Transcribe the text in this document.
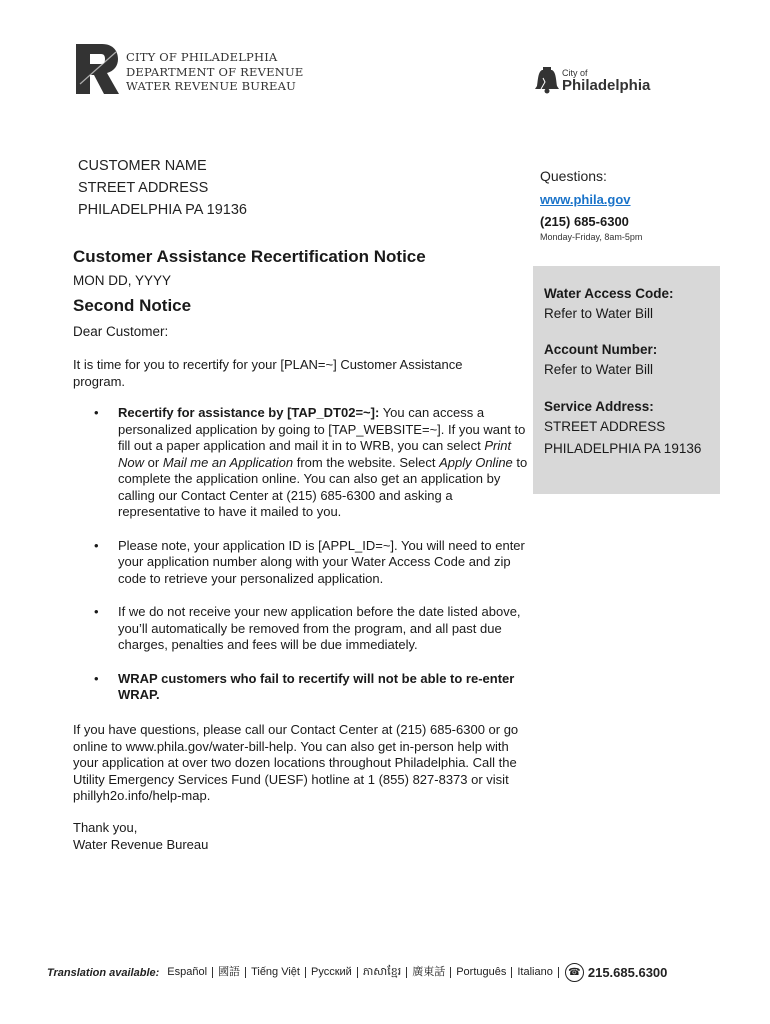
CITY OF PHILADELPHIA
DEPARTMENT OF REVENUE
WATER REVENUE BUREAU
City of
Philadelphia
CUSTOMER NAME
STREET ADDRESS
PHILADELPHIA PA 19136
Questions:
www.phila.gov
(215) 685-6300
Monday-Friday, 8am-5pm
Customer Assistance Recertification Notice
MON DD, YYYY
Second Notice
Dear Customer:
It is time for you to recertify for your [PLAN=~] Customer Assistance program.
Water Access Code:
Refer to Water Bill
Account Number:
Refer to Water Bill
Service Address:
STREET ADDRESS
PHILADELPHIA PA 19136
• Recertify for assistance by [TAP_DT02=~]: You can access a personalized application by going to [TAP_WEBSITE=~]. If you want to fill out a paper application and mail it in to WRB, you can select Print Now or Mail me an Application from the website. Select Apply Online to complete the application online. You can also get an application by calling our Contact Center at (215) 685-6300 and asking a representative to have it mailed to you.
• Please note, your application ID is [APPL_ID=~]. You will need to enter your application number along with your Water Access Code and zip code to retrieve your personalized application.
• If we do not receive your new application before the date listed above, you’ll automatically be removed from the program, and all past due charges, penalties and fees will be due immediately.
• WRAP customers who fail to recertify will not be able to re-enter WRAP.
If you have questions, please call our Contact Center at (215) 685-6300 or go online to www.phila.gov/water-bill-help. You can also get in-person help with your application at over two dozen locations throughout Philadelphia. Call the Utility Emergency Services Fund (UESF) hotline at 1 (855) 827-8373 or visit phillyh2o.info/help-map.
Thank you,
Water Revenue Bureau
Translation available: Español	國語	Tiếng Việt	Русский	ភាសាខ្មែរ	廣東話	Português	Italiano	☎ 215.685.6300
